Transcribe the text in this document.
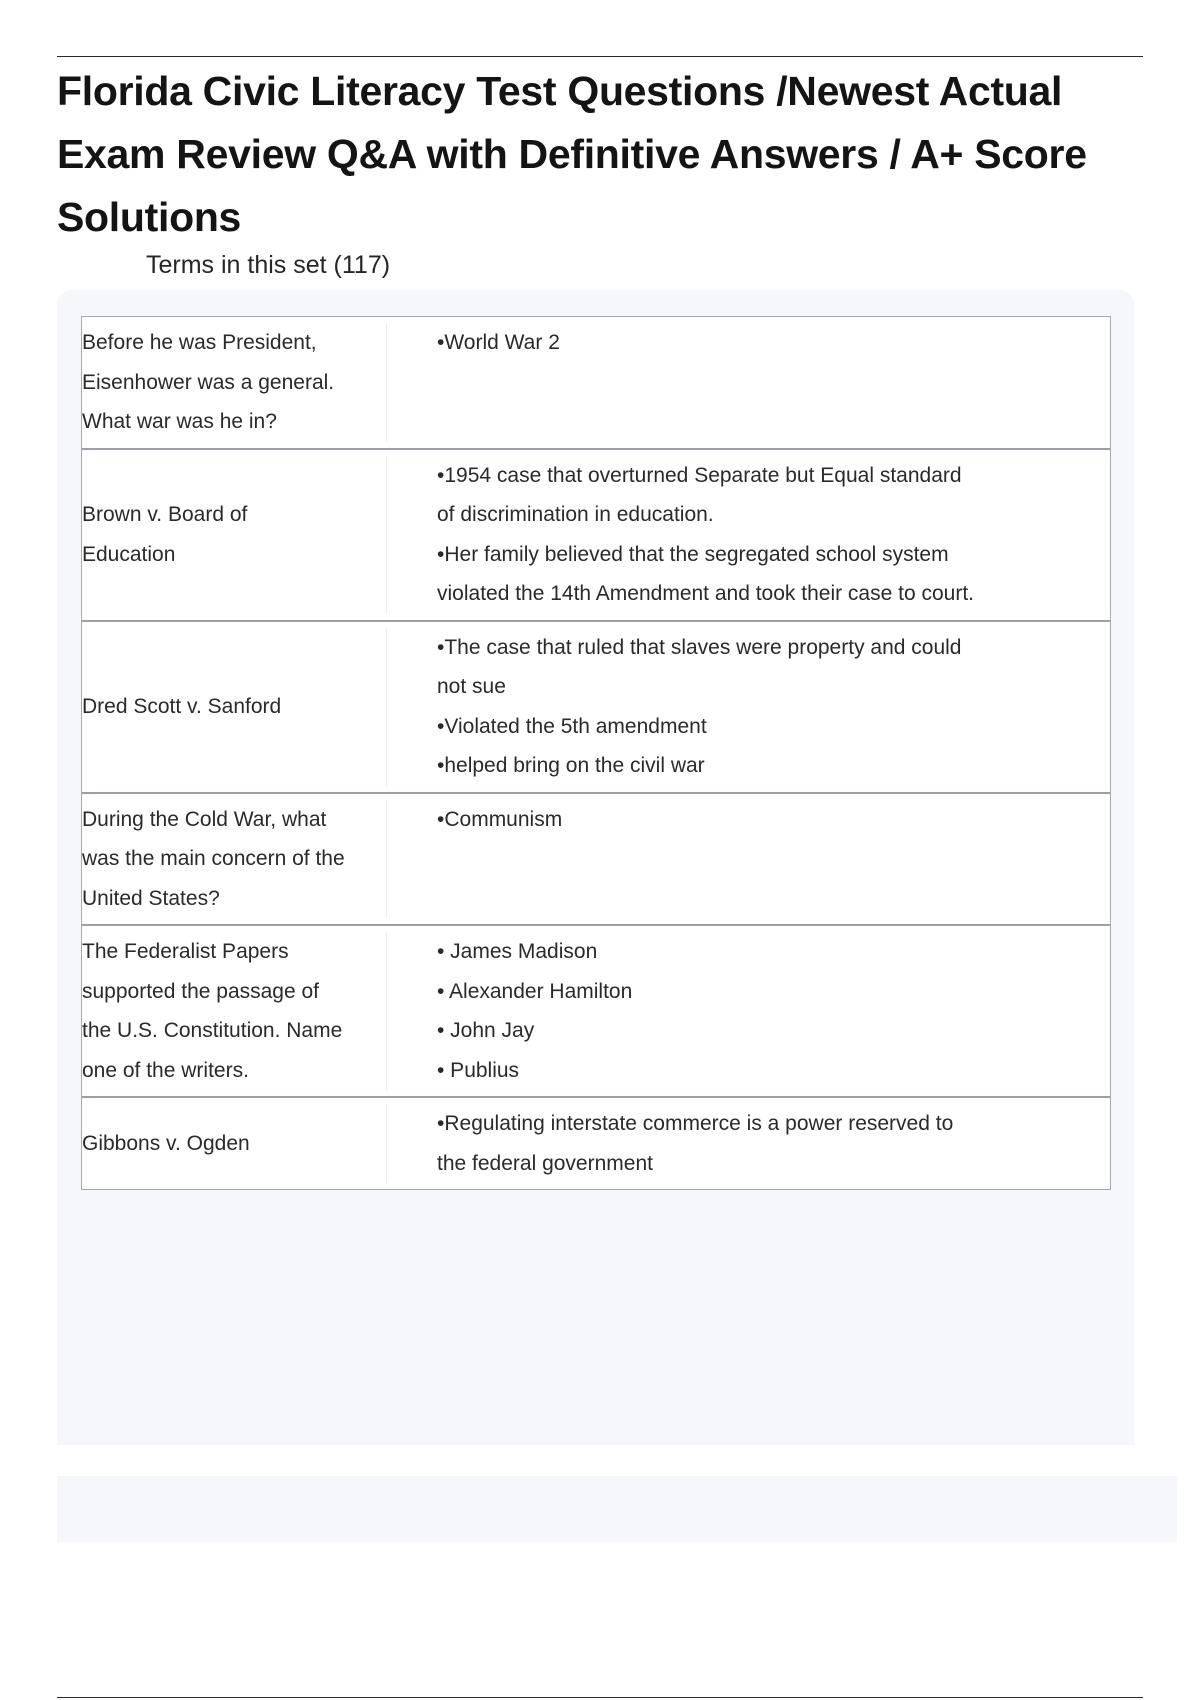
Florida Civic Literacy Test Questions /Newest Actual Exam Review Q&A with Definitive Answers / A+ Score Solutions
Terms in this set (117)
Before he was President, Eisenhower was a general. What war was he in?
•World War 2
Brown v. Board of Education
•1954 case that overturned Separate but Equal standard of discrimination in education.
•Her family believed that the segregated school system violated the 14th Amendment and took their case to court.
Dred Scott v. Sanford
•The case that ruled that slaves were property and could not sue
•Violated the 5th amendment
•helped bring on the civil war
During the Cold War, what was the main concern of the United States?
•Communism
The Federalist Papers supported the passage of the U.S. Constitution. Name one of the writers.
• James Madison
• Alexander Hamilton
• John Jay
• Publius
Gibbons v. Ogden
•Regulating interstate commerce is a power reserved to the federal government
